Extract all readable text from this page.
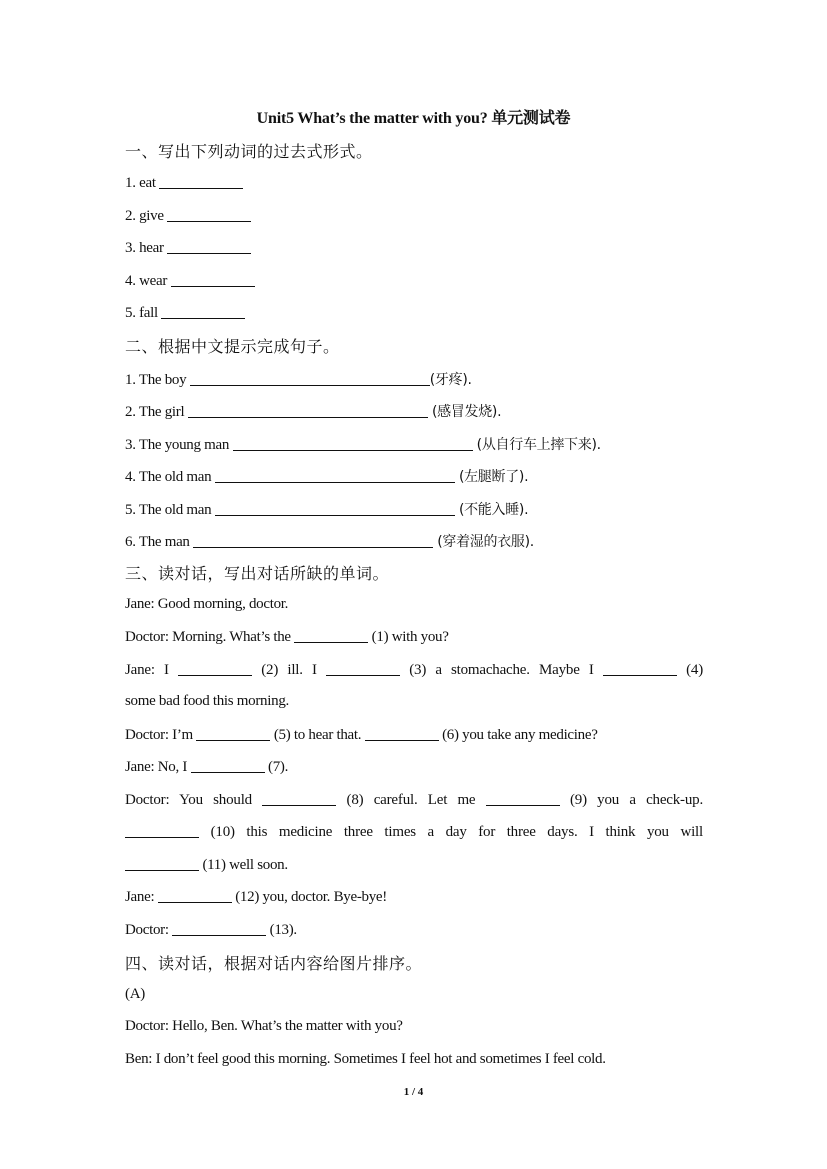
Unit5 What’s the matter with you? 单元测试卷
一、写出下列动词的过去式形式。
1. eat
2. give
3. hear
4. wear
5. fall
二、根据中文提示完成句子。
1. The boy	(牙疼).
2. The girl	(感冒发烧).
3. The young man	(从自行车上摔下来).
4. The old man	(左腿断了).
5. The old man	(不能入睡).
6. The man	(穿着湿的衣服).
三、读对话，写出对话所缺的单词。
Jane: Good morning, doctor.
Doctor: Morning. What’s the	(1) with you?
Jane: I	(2) ill. I	(3) a stomachache. Maybe I	(4)
some bad food this morning.
Doctor: I’m	(5) to hear that.	(6) you take any medicine?
Jane: No, I	(7).
Doctor: You should	(8) careful. Let me	(9) you a check-up.
(10) this medicine three times a day for three days. I think you will
(11) well soon.
Jane:	(12) you, doctor. Bye-bye!
Doctor:	(13).
四、读对话，根据对话内容给图片排序。
(A)
Doctor: Hello, Ben. What’s the matter with you?
Ben: I don’t feel good this morning. Sometimes I feel hot and sometimes I feel cold.
1 / 4
